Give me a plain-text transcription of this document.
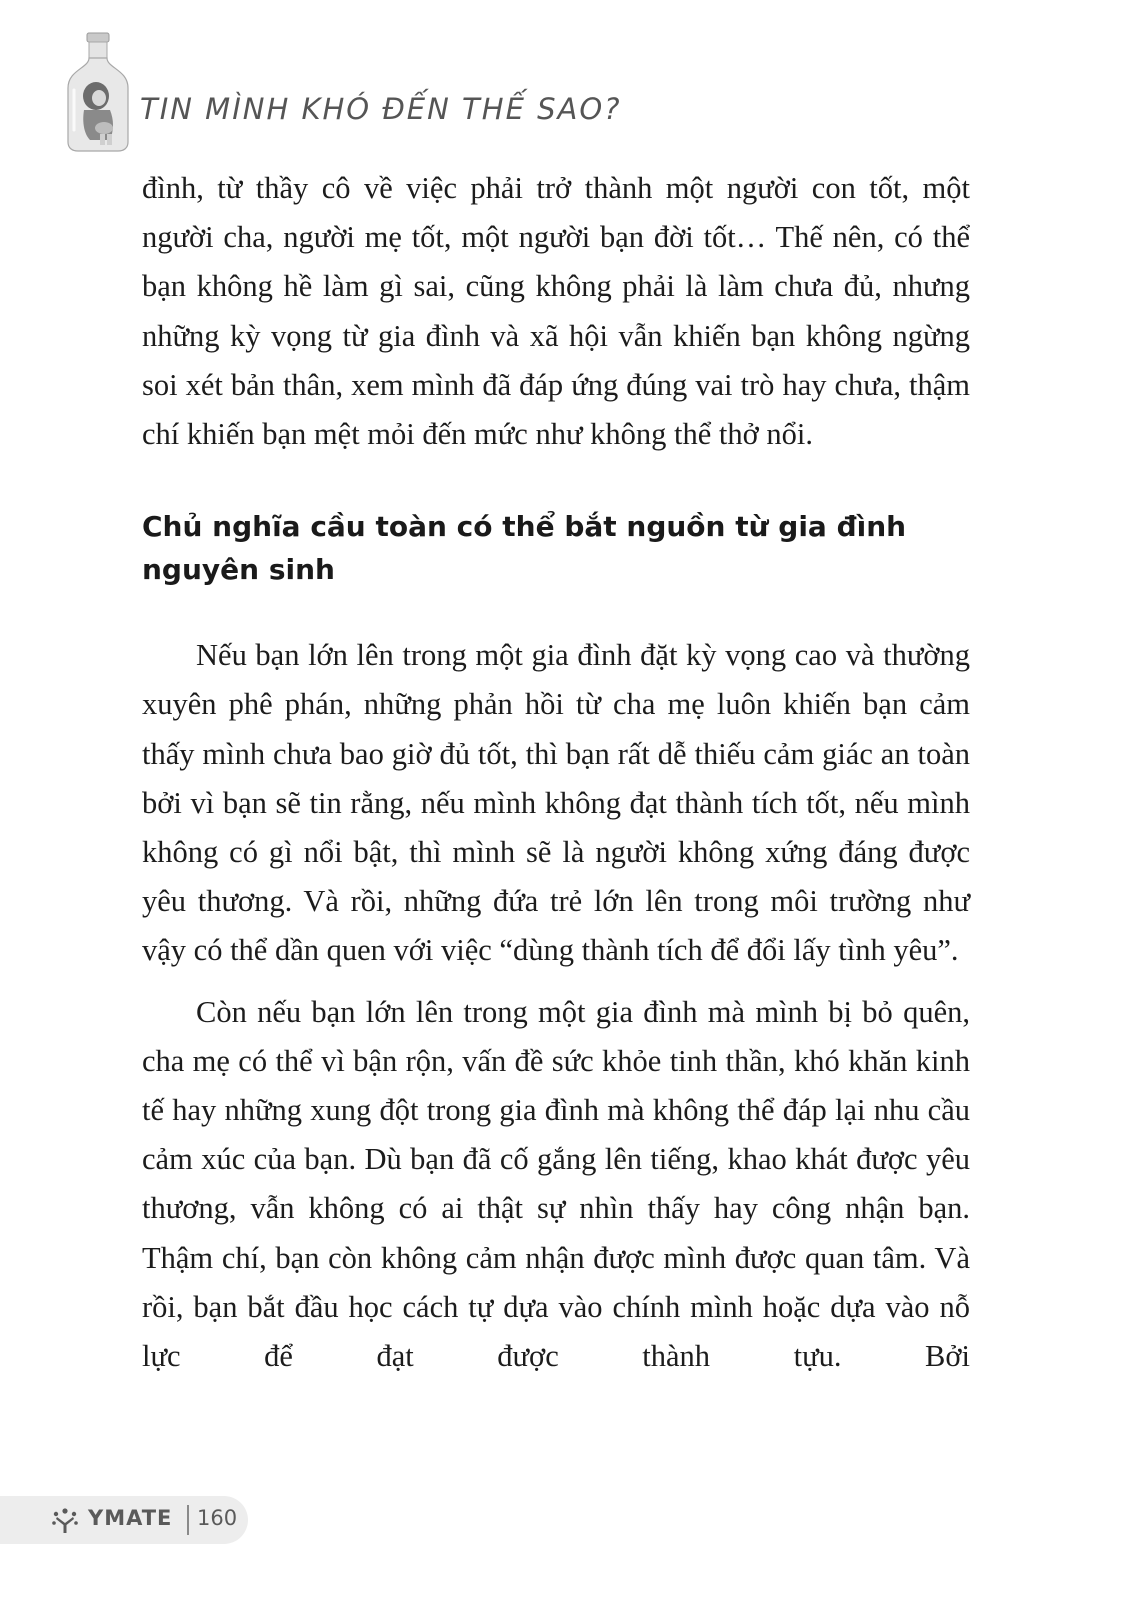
TIN MÌNH KHÓ ĐẾN THẾ SAO?

đình, từ thầy cô về việc phải trở thành một người con tốt, một người cha, người mẹ tốt, một người bạn đời tốt… Thế nên, có thể bạn không hề làm gì sai, cũng không phải là làm chưa đủ, nhưng những kỳ vọng từ gia đình và xã hội vẫn khiến bạn không ngừng soi xét bản thân, xem mình đã đáp ứng đúng vai trò hay chưa, thậm chí khiến bạn mệt mỏi đến mức như không thể thở nổi.

Chủ nghĩa cầu toàn có thể bắt nguồn từ gia đình nguyên sinh

Nếu bạn lớn lên trong một gia đình đặt kỳ vọng cao và thường xuyên phê phán, những phản hồi từ cha mẹ luôn khiến bạn cảm thấy mình chưa bao giờ đủ tốt, thì bạn rất dễ thiếu cảm giác an toàn bởi vì bạn sẽ tin rằng, nếu mình không đạt thành tích tốt, nếu mình không có gì nổi bật, thì mình sẽ là người không xứng đáng được yêu thương. Và rồi, những đứa trẻ lớn lên trong môi trường như vậy có thể dần quen với việc “dùng thành tích để đổi lấy tình yêu”.

Còn nếu bạn lớn lên trong một gia đình mà mình bị bỏ quên, cha mẹ có thể vì bận rộn, vấn đề sức khỏe tinh thần, khó khăn kinh tế hay những xung đột trong gia đình mà không thể đáp lại nhu cầu cảm xúc của bạn. Dù bạn đã cố gắng lên tiếng, khao khát được yêu thương, vẫn không có ai thật sự nhìn thấy hay công nhận bạn. Thậm chí, bạn còn không cảm nhận được mình được quan tâm. Và rồi, bạn bắt đầu học cách tự dựa vào chính mình hoặc dựa vào nỗ lực để đạt được thành tựu. Bởi

YMATE 160
